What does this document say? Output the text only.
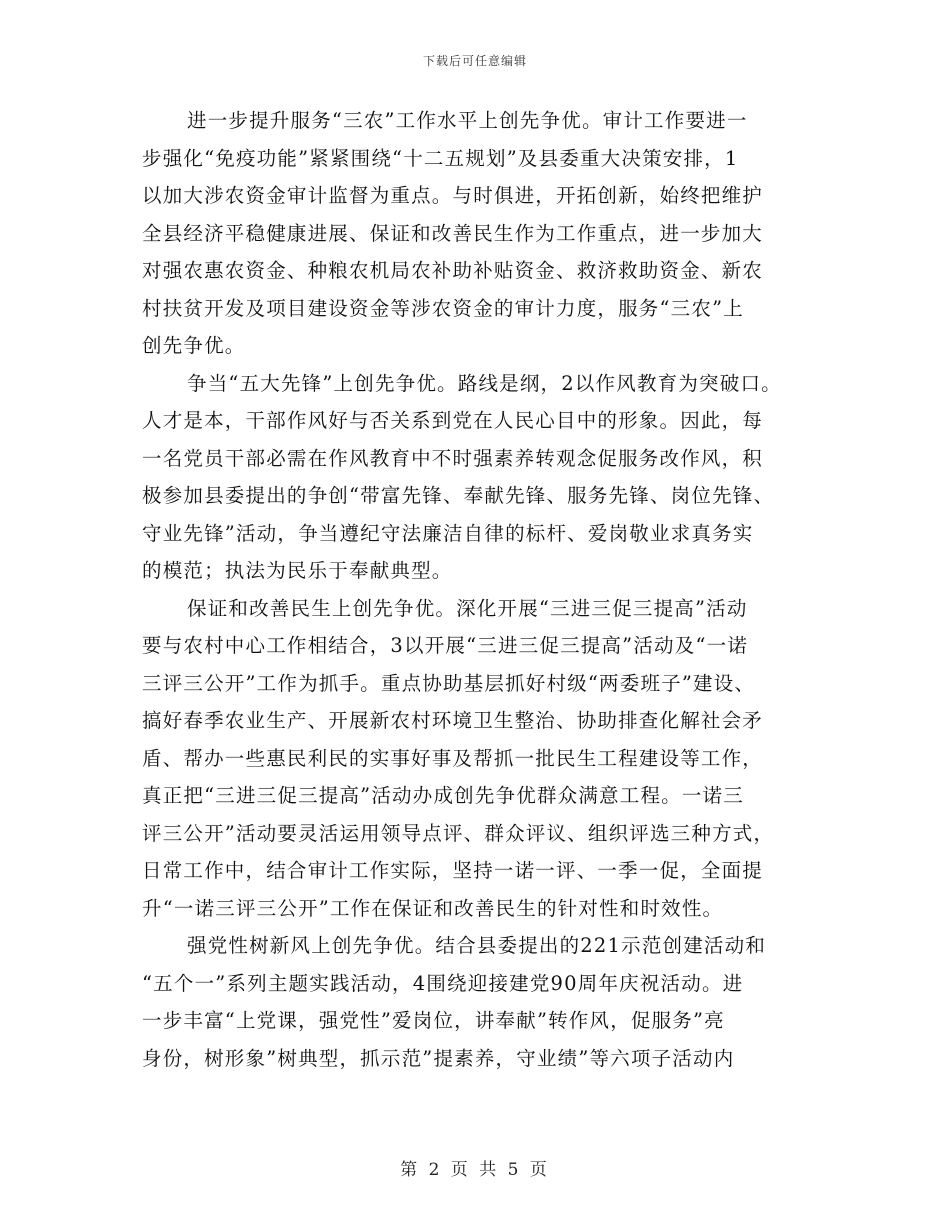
下载后可任意编辑
进一步提升服务“三农”工作水平上创先争优。审计工作要进一
步强化“免疫功能”紧紧围绕“十二五规划”及县委重大决策安排，1
以加大涉农资金审计监督为重点。与时俱进，开拓创新，始终把维护
全县经济平稳健康进展、保证和改善民生作为工作重点，进一步加大
对强农惠农资金、种粮农机局农补助补贴资金、救济救助资金、新农
村扶贫开发及项目建设资金等涉农资金的审计力度，服务“三农”上
创先争优。
争当“五大先锋”上创先争优。路线是纲，2以作风教育为突破口。
人才是本，干部作风好与否关系到党在人民心目中的形象。因此，每
一名党员干部必需在作风教育中不时强素养转观念促服务改作风，积
极参加县委提出的争创“带富先锋、奉献先锋、服务先锋、岗位先锋、
守业先锋”活动，争当遵纪守法廉洁自律的标杆、爱岗敬业求真务实
的模范；执法为民乐于奉献典型。
保证和改善民生上创先争优。深化开展“三进三促三提高”活动
要与农村中心工作相结合，3以开展“三进三促三提高”活动及“一诺
三评三公开”工作为抓手。重点协助基层抓好村级“两委班子”建设、
搞好春季农业生产、开展新农村环境卫生整治、协助排查化解社会矛
盾、帮办一些惠民利民的实事好事及帮抓一批民生工程建设等工作，
真正把“三进三促三提高”活动办成创先争优群众满意工程。一诺三
评三公开”活动要灵活运用领导点评、群众评议、组织评选三种方式，
日常工作中，结合审计工作实际，坚持一诺一评、一季一促，全面提
升“一诺三评三公开”工作在保证和改善民生的针对性和时效性。
强党性树新风上创先争优。结合县委提出的221示范创建活动和
“五个一”系列主题实践活动，4围绕迎接建党90周年庆祝活动。进
一步丰富“上党课，强党性”爱岗位，讲奉献”转作风，促服务”亮
身份，树形象”树典型，抓示范”提素养，守业绩”等六项子活动内
第 2 页 共 5 页
